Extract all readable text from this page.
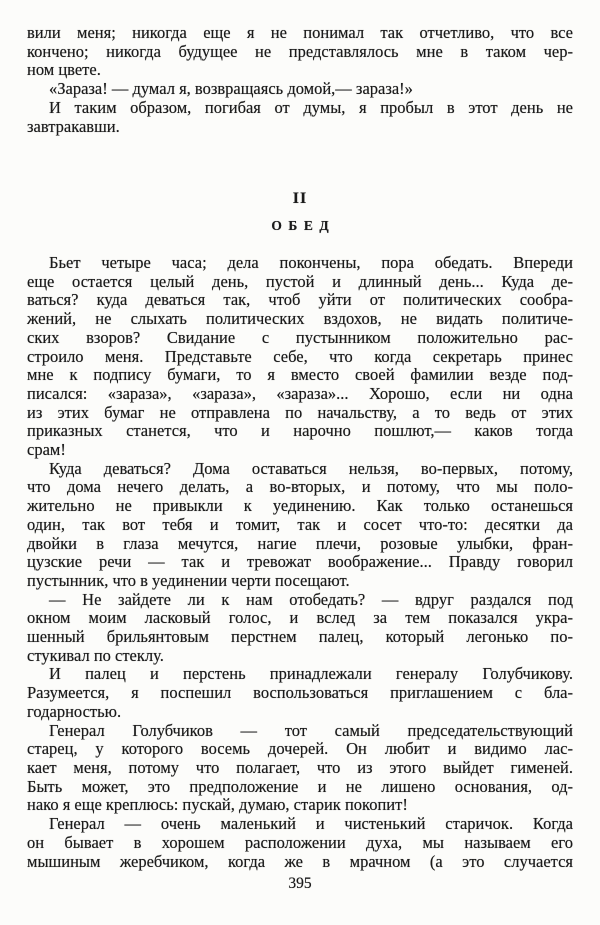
вили меня; никогда еще я не понимал так отчетливо, что все
кончено; никогда будущее не представлялось мне в таком чер-
ном цвете.
«Зараза! — думал я, возвращаясь домой,— зараза!»
И таким образом, погибая от думы, я пробыл в этот день не
завтракавши.
II
ОБЕД
Бьет четыре часа; дела покончены, пора обедать. Впереди
еще остается целый день, пустой и длинный день... Куда де-
ваться? куда деваться так, чтоб уйти от политических сообра-
жений, не слыхать политических вздохов, не видать политиче-
ских взоров? Свидание с пустынником положительно рас-
строило меня. Представьте себе, что когда секретарь принес
мне к подпису бумаги, то я вместо своей фамилии везде под-
писался: «зараза», «зараза», «зараза»... Хорошо, если ни одна
из этих бумаг не отправлена по начальству, а то ведь от этих
приказных станется, что и нарочно пошлют,— каков тогда
срам!
Куда деваться? Дома оставаться нельзя, во-первых, потому,
что дома нечего делать, а во-вторых, и потому, что мы поло-
жительно не привыкли к уединению. Как только останешься
один, так вот тебя и томит, так и сосет что-то: десятки да
двойки в глаза мечутся, нагие плечи, розовые улыбки, фран-
цузские речи — так и тревожат воображение... Правду говорил
пустынник, что в уединении черти посещают.
— Не зайдете ли к нам отобедать? — вдруг раздался под
окном моим ласковый голос, и вслед за тем показался укра-
шенный брильянтовым перстнем палец, который легонько по-
стукивал по стеклу.
И палец и перстень принадлежали генералу Голубчикову.
Разумеется, я поспешил воспользоваться приглашением с бла-
годарностью.
Генерал Голубчиков — тот самый председательствующий
старец, у которого восемь дочерей. Он любит и видимо лас-
кает меня, потому что полагает, что из этого выйдет гименей.
Быть может, это предположение и не лишено основания, од-
нако я еще креплюсь: пускай, думаю, старик покопит!
Генерал — очень маленький и чистенький старичок. Когда
он бывает в хорошем расположении духа, мы называем его
мышиным жеребчиком, когда же в мрачном (а это случается
395
